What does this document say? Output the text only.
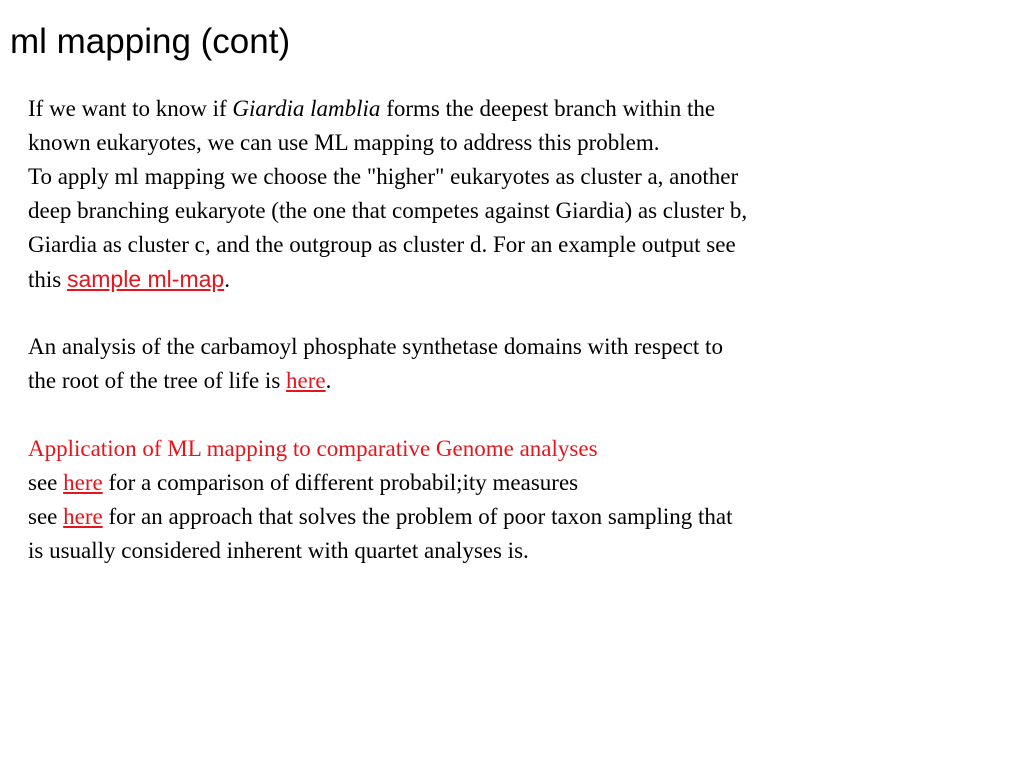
ml mapping (cont)
If we want to know if Giardia lamblia forms the deepest branch within the
known eukaryotes, we can use ML mapping to address this problem.
To apply ml mapping we choose the "higher" eukaryotes as cluster a, another
deep branching eukaryote (the one that competes against Giardia) as cluster b,
Giardia as cluster c, and the outgroup as cluster d. For an example output see
this sample ml-map.
An analysis of the carbamoyl phosphate synthetase domains with respect to
the root of the tree of life is here.
Application of ML mapping to comparative Genome analyses
see here for a comparison of different probabil;ity measures
see here for an approach that solves the problem of poor taxon sampling that
is usually considered inherent with quartet analyses is.
